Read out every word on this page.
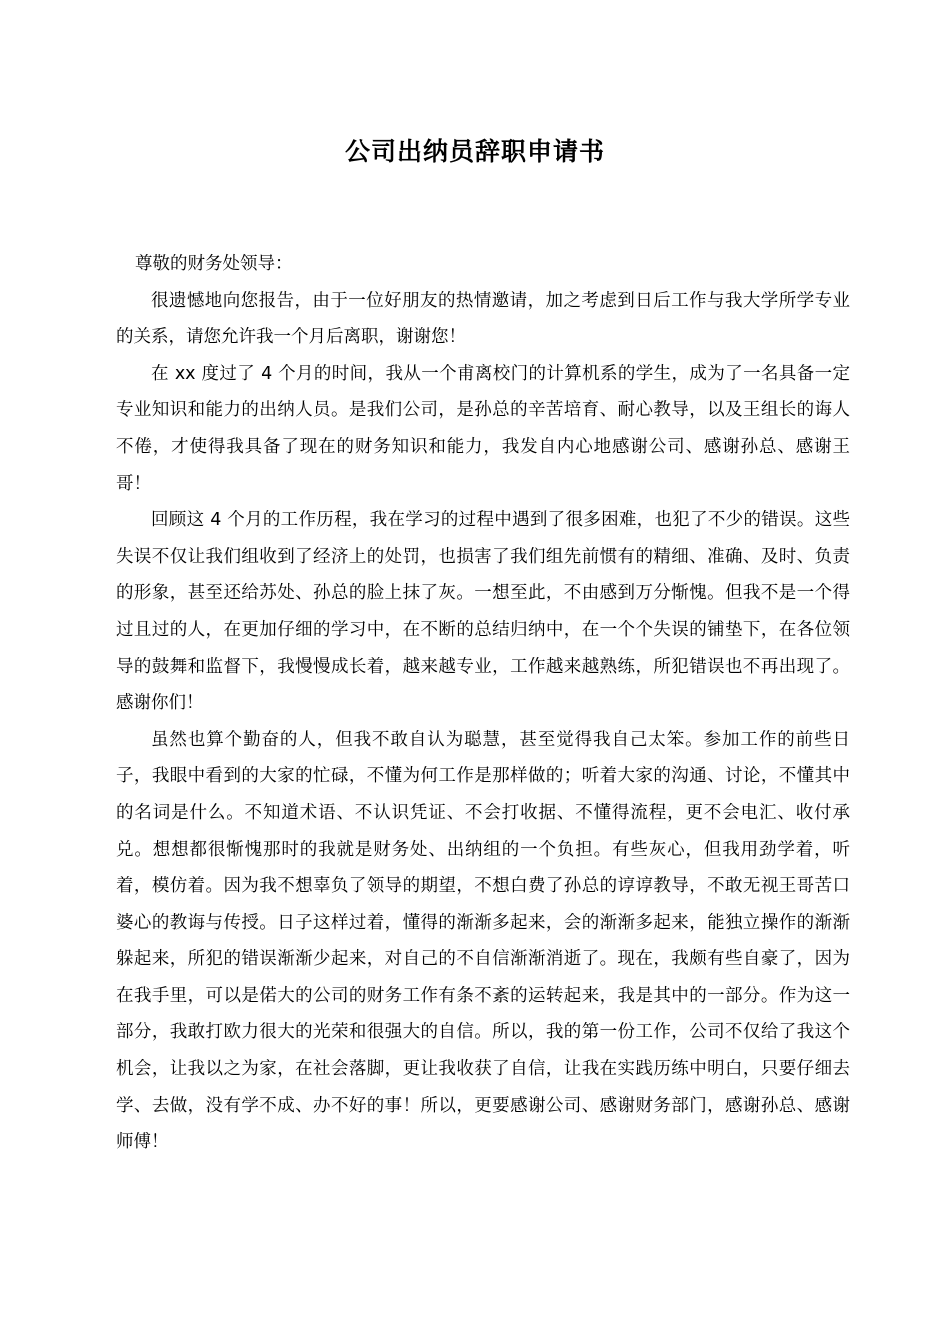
公司出纳员辞职申请书

尊敬的财务处领导：

很遗憾地向您报告，由于一位好朋友的热情邀请，加之考虑到日后工作与我大学所学专业的关系，请您允许我一个月后离职，谢谢您！

在 xx 度过了 4 个月的时间，我从一个甫离校门的计算机系的学生，成为了一名具备一定专业知识和能力的出纳人员。是我们公司，是孙总的辛苦培育、耐心教导，以及王组长的诲人不倦，才使得我具备了现在的财务知识和能力，我发自内心地感谢公司、感谢孙总、感谢王哥！

回顾这 4 个月的工作历程，我在学习的过程中遇到了很多困难，也犯了不少的错误。这些失误不仅让我们组收到了经济上的处罚，也损害了我们组先前惯有的精细、准确、及时、负责的形象，甚至还给苏处、孙总的脸上抹了灰。一想至此，不由感到万分惭愧。但我不是一个得过且过的人，在更加仔细的学习中，在不断的总结归纳中，在一个个失误的铺垫下，在各位领导的鼓舞和监督下，我慢慢成长着，越来越专业，工作越来越熟练，所犯错误也不再出现了。感谢你们！

虽然也算个勤奋的人，但我不敢自认为聪慧，甚至觉得我自己太笨。参加工作的前些日子，我眼中看到的大家的忙碌，不懂为何工作是那样做的；听着大家的沟通、讨论，不懂其中的名词是什么。不知道术语、不认识凭证、不会打收据、不懂得流程，更不会电汇、收付承兑。想想都很惭愧那时的我就是财务处、出纳组的一个负担。有些灰心，但我用劲学着，听着，模仿着。因为我不想辜负了领导的期望，不想白费了孙总的谆谆教导，不敢无视王哥苦口婆心的教诲与传授。日子这样过着，懂得的渐渐多起来，会的渐渐多起来，能独立操作的渐渐躲起来，所犯的错误渐渐少起来，对自己的不自信渐渐消逝了。现在，我颇有些自豪了，因为在我手里，可以是偌大的公司的财务工作有条不紊的运转起来，我是其中的一部分。作为这一部分，我敢打欧力很大的光荣和很强大的自信。所以，我的第一份工作，公司不仅给了我这个机会，让我以之为家，在社会落脚，更让我收获了自信，让我在实践历练中明白，只要仔细去学、去做，没有学不成、办不好的事！所以，更要感谢公司、感谢财务部门，感谢孙总、感谢师傅！
